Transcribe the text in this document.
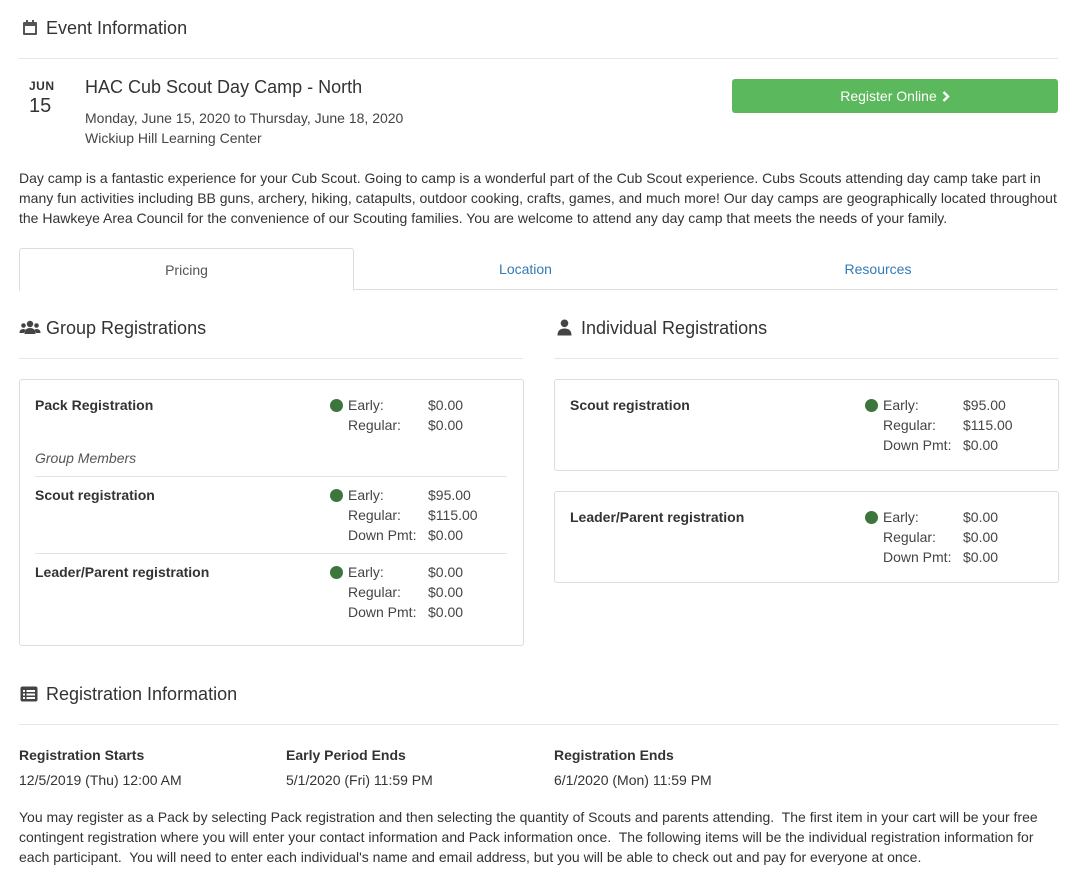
Event Information
JUN
15
HAC Cub Scout Day Camp - North
Monday, June 15, 2020 to Thursday, June 18, 2020
Wickiup Hill Learning Center
Register Online
Day camp is a fantastic experience for your Cub Scout. Going to camp is a wonderful part of the Cub Scout experience. Cubs Scouts attending day camp take part in many fun activities including BB guns, archery, hiking, catapults, outdoor cooking, crafts, games, and much more! Our day camps are geographically located throughout the Hawkeye Area Council for the convenience of our Scouting families. You are welcome to attend any day camp that meets the needs of your family.
Pricing	Location	Resources
Group Registrations
Pack Registration	Early:	$0.00
Regular: $0.00
Group Members
Scout registration	Early:	$95.00
Regular: $115.00
Down Pmt: $0.00
Leader/Parent registration	Early:	$0.00
Regular: $0.00
Down Pmt: $0.00
Individual Registrations
Scout registration	Early:	$95.00
Regular: $115.00
Down Pmt: $0.00
Leader/Parent registration	Early:	$0.00
Regular: $0.00
Down Pmt: $0.00
Registration Information
Registration Starts
12/5/2019 (Thu) 12:00 AM
Early Period Ends
5/1/2020 (Fri) 11:59 PM
Registration Ends
6/1/2020 (Mon) 11:59 PM
You may register as a Pack by selecting Pack registration and then selecting the quantity of Scouts and parents attending.  The first item in your cart will be your free contingent registration where you will enter your contact information and Pack information once.  The following items will be the individual registration information for each participant.  You will need to enter each individual's name and email address, but you will be able to check out and pay for everyone at once.
